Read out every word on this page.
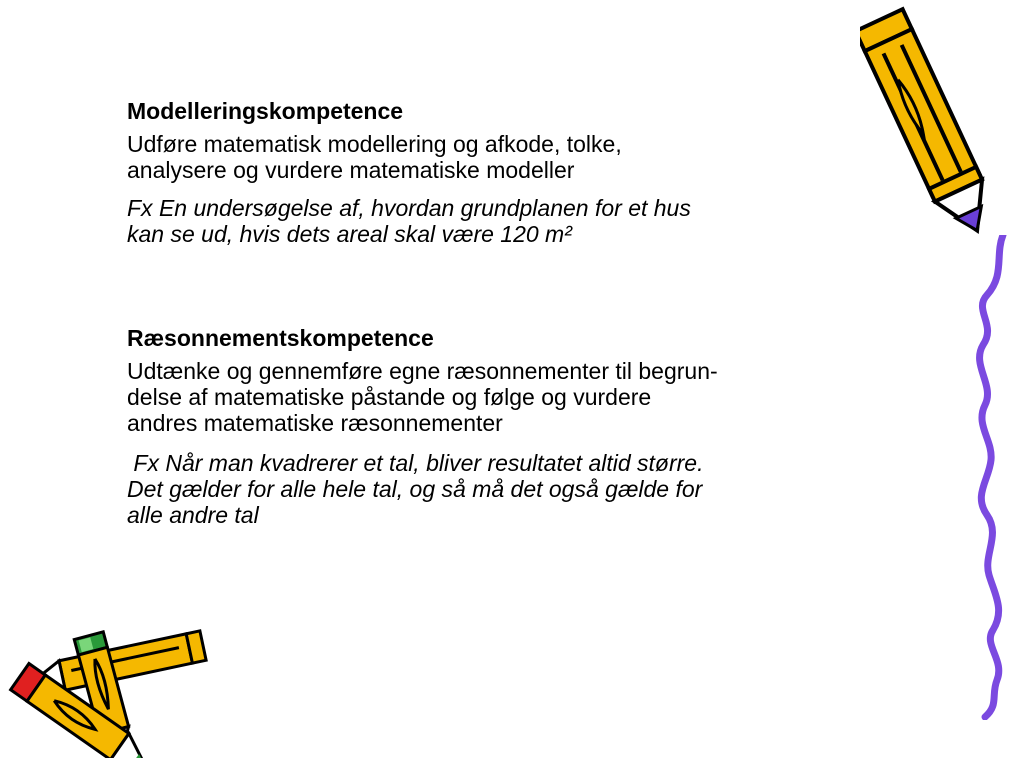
Modelleringskompetence
Udføre matematisk modellering og afkode, tolke,
analysere og vurdere matematiske modeller
Fx En undersøgelse af, hvordan grundplanen for et hus
kan se ud, hvis dets areal skal være 120 m²
Ræsonnementskompetence
Udtænke og gennemføre egne ræsonnementer til begrun-
delse af matematiske påstande og følge og vurdere
andres matematiske ræsonnementer
Fx Når man kvadrerer et tal, bliver resultatet altid større.
Det gælder for alle hele tal, og så må det også gælde for
alle andre tal
